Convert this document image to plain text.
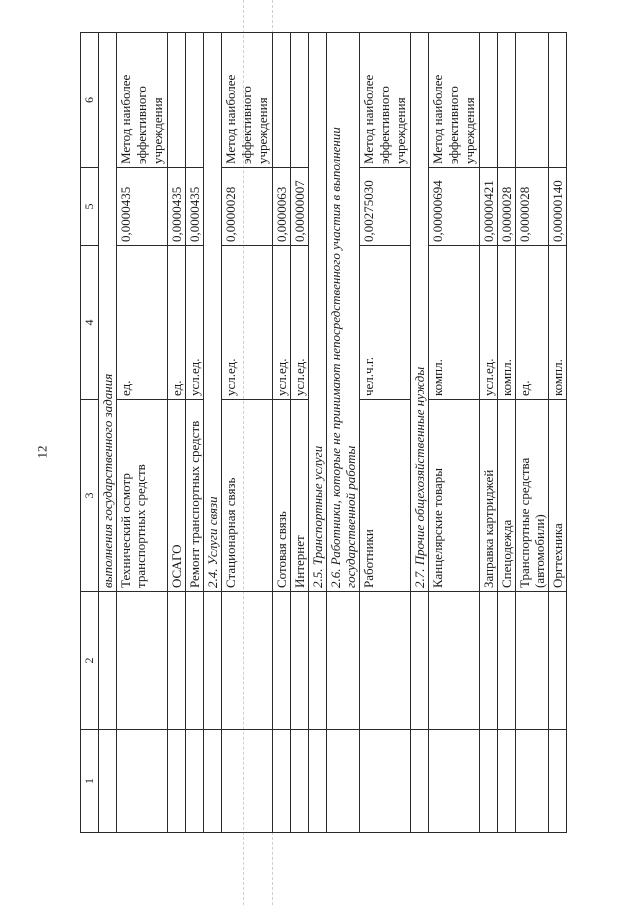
12
1	2	3	4	5	6
		выполнения государственного задания			
		Технический осмотр транспортных средств	ед.	0,0000435	Метод наиболее эффективного учреждения
		ОСАГО	ед.	0,0000435	
		Ремонт транспортных средств	усл.ед.	0,0000435	
		2.4. Услуги связи			
		Стационарная связь	усл.ед.	0,0000028	Метод наиболее эффективного учреждения
		Сотовая связь	усл.ед.	0,0000063	
		Интернет	усл.ед.	0,00000007	
		2.5. Транспортные услуги			
		2.6. Работники, которые не принимают непосредственного участия в выполнении государственной работы			
		Работники	чел.ч.г.	0,00275030	Метод наиболее эффективного учреждения
		2.7. Прочие общехозяйственные нужды			
		Канцелярские товары	компл.	0,00000694	Метод наиболее эффективного учреждения
		Заправка картриджей	усл.ед.	0,00000421	
		Спецодежда	компл.	0,0000028	
		Транспортные средства (автомобили)	ед.	0,0000028	
		Оргтехника	компл.	0,00000140	
